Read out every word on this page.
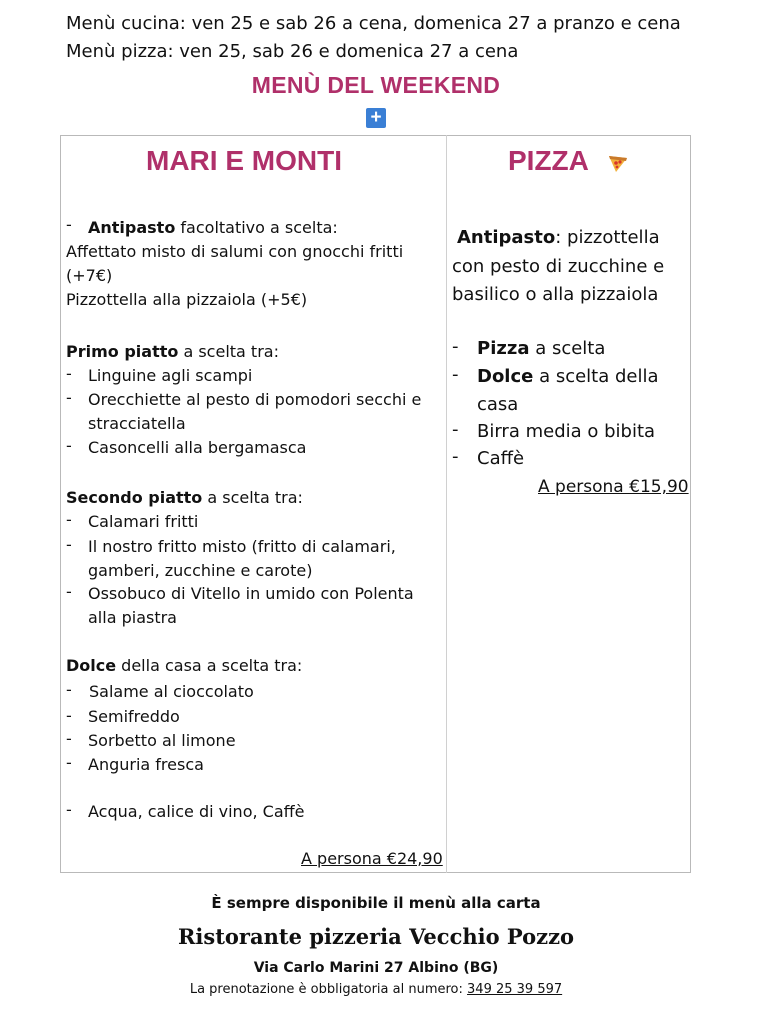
Menù cucina: ven 25 e sab 26 a cena, domenica 27 a pranzo e cena
Menù pizza: ven 25, sab 26 e domenica 27 a cena
MENÙ DEL WEEKEND
+
MARI E MONTI
- Antipasto facoltativo a scelta:
Affettato misto di salumi con gnocchi fritti
(+7€)
Pizzottella alla pizzaiola (+5€)
Primo piatto a scelta tra:
- Linguine agli scampi
- Orecchiette al pesto di pomodori secchi e
stracciatella
- Casoncelli alla bergamasca
Secondo piatto a scelta tra:
- Calamari fritti
- Il nostro fritto misto (fritto di calamari,
gamberi, zucchine e carote)
- Ossobuco di Vitello in umido con Polenta
alla piastra
Dolce della casa a scelta tra:
- Salame al cioccolato
- Semifreddo
- Sorbetto al limone
- Anguria fresca
- Acqua, calice di vino, Caffè
A persona €24,90
PIZZA
Antipasto: pizzottella
con pesto di zucchine e
basilico o alla pizzaiola
- Pizza a scelta
- Dolce a scelta della
casa
- Birra media o bibita
- Caffè
A persona €15,90
È sempre disponibile il menù alla carta
Ristorante pizzeria Vecchio Pozzo
Via Carlo Marini 27 Albino (BG)
La prenotazione è obbligatoria al numero: 349 25 39 597
